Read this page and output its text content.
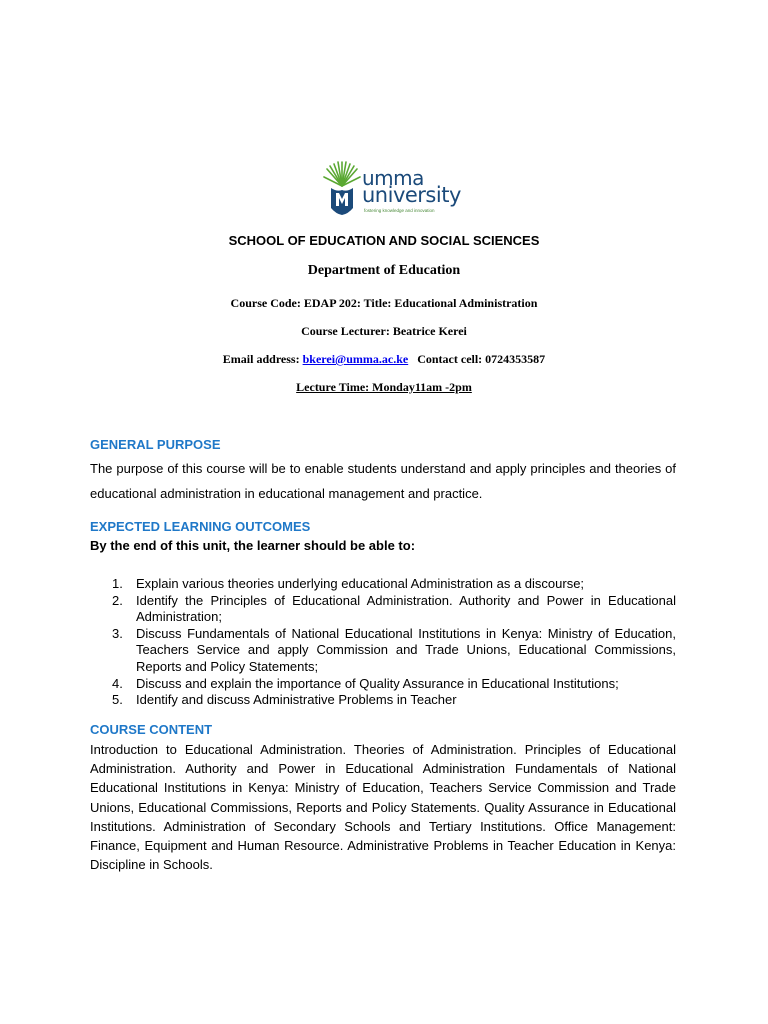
umma
university
fostering knowledge and innovation
SCHOOL OF EDUCATION AND SOCIAL SCIENCES
Department of Education
Course Code: EDAP 202: Title: Educational Administration
Course Lecturer: Beatrice Kerei
Email address: bkerei@umma.ac.ke   Contact cell: 0724353587
Lecture Time: Monday11am -2pm
GENERAL PURPOSE
The purpose of this course will be to enable students understand and apply principles and theories of educational administration in educational management and practice.
EXPECTED LEARNING OUTCOMES
By the end of this unit, the learner should be able to:
1. Explain various theories underlying educational Administration as a discourse;
2. Identify the Principles of Educational Administration. Authority and Power in Educational Administration;
3. Discuss Fundamentals of National Educational Institutions in Kenya: Ministry of Education, Teachers Service and apply Commission and Trade Unions, Educational Commissions, Reports and Policy Statements;
4. Discuss and explain the importance of Quality Assurance in Educational Institutions;
5. Identify and discuss Administrative Problems in Teacher
COURSE CONTENT
Introduction to Educational Administration. Theories of Administration. Principles of Educational Administration. Authority and Power in Educational Administration Fundamentals of National Educational Institutions in Kenya: Ministry of Education, Teachers Service Commission and Trade Unions, Educational Commissions, Reports and Policy Statements. Quality Assurance in Educational Institutions. Administration of Secondary Schools and Tertiary Institutions. Office Management: Finance, Equipment and Human Resource. Administrative Problems in Teacher Education in Kenya: Discipline in Schools.
